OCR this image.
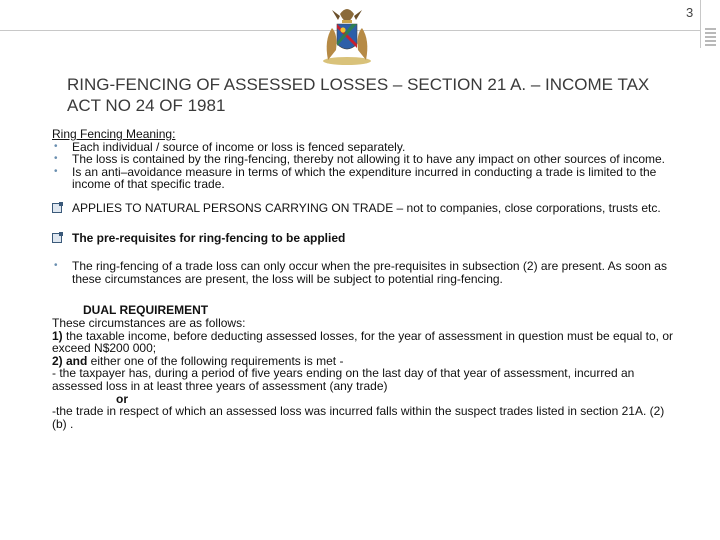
3
RING-FENCING OF ASSESSED LOSSES – SECTION 21 A. – INCOME TAX ACT NO 24 OF 1981
Ring Fencing Meaning:
• Each individual / source of income or loss is fenced separately.
• The loss is contained by the ring-fencing, thereby not allowing it to have any impact on other sources of income.
• Is an anti–avoidance measure in terms of which the expenditure incurred in conducting a trade is limited to the income of that specific trade.
APPLIES TO NATURAL PERSONS CARRYING ON TRADE – not to companies, close corporations, trusts etc.
The pre-requisites for ring-fencing to be applied
• The ring-fencing of a trade loss can only occur when the pre-requisites in subsection (2) are present. As soon as these circumstances are present, the loss will be subject to potential ring-fencing.
DUAL REQUIREMENT
These circumstances are as follows:
1) the taxable income, before deducting assessed losses, for the year of assessment in question must be equal to, or exceed N$200 000;
2) and either one of the following requirements is met -
- the taxpayer has, during a period of five years ending on the last day of that year of assessment, incurred an assessed loss in at least three years of assessment (any trade)
or
-the trade in respect of which an assessed loss was incurred falls within the suspect trades listed in section 21A. (2) (b) .
